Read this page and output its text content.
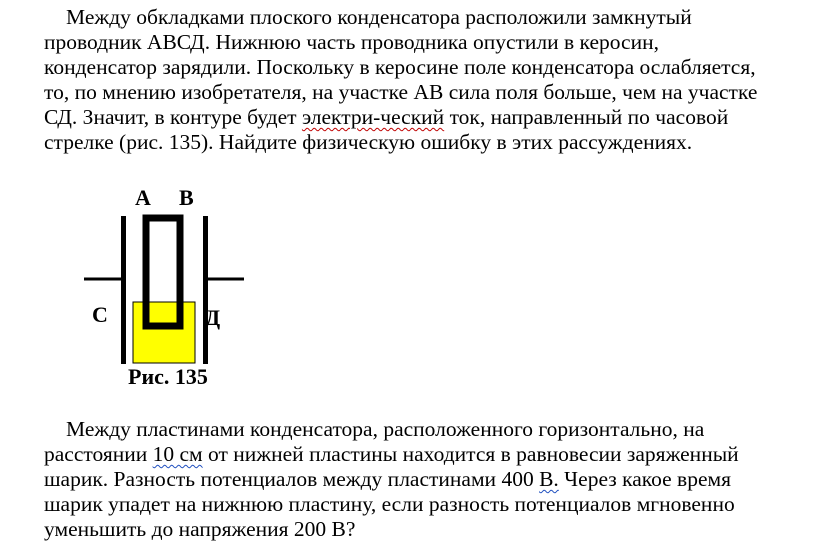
Между обкладками плоского конденсатора расположили замкнутый
проводник АВСД. Нижнюю часть проводника опустили в керосин,
конденсатор зарядили. Поскольку в керосине поле конденсатора ослабляется,
то, по мнению изобретателя, на участке АВ сила поля больше, чем на участке
СД. Значит, в контуре будет электри-ческий ток, направленный по часовой
стрелке (рис. 135). Найдите физическую ошибку в этих рассуждениях.
А В
С	Д
Рис. 135
Между пластинами конденсатора, расположенного горизонтально, на
расстоянии 10 см от нижней пластины находится в равновесии заряженный
шарик. Разность потенциалов между пластинами 400 В. Через какое время
шарик упадет на нижнюю пластину, если разность потенциалов мгновенно
уменьшить до напряжения 200 В?
